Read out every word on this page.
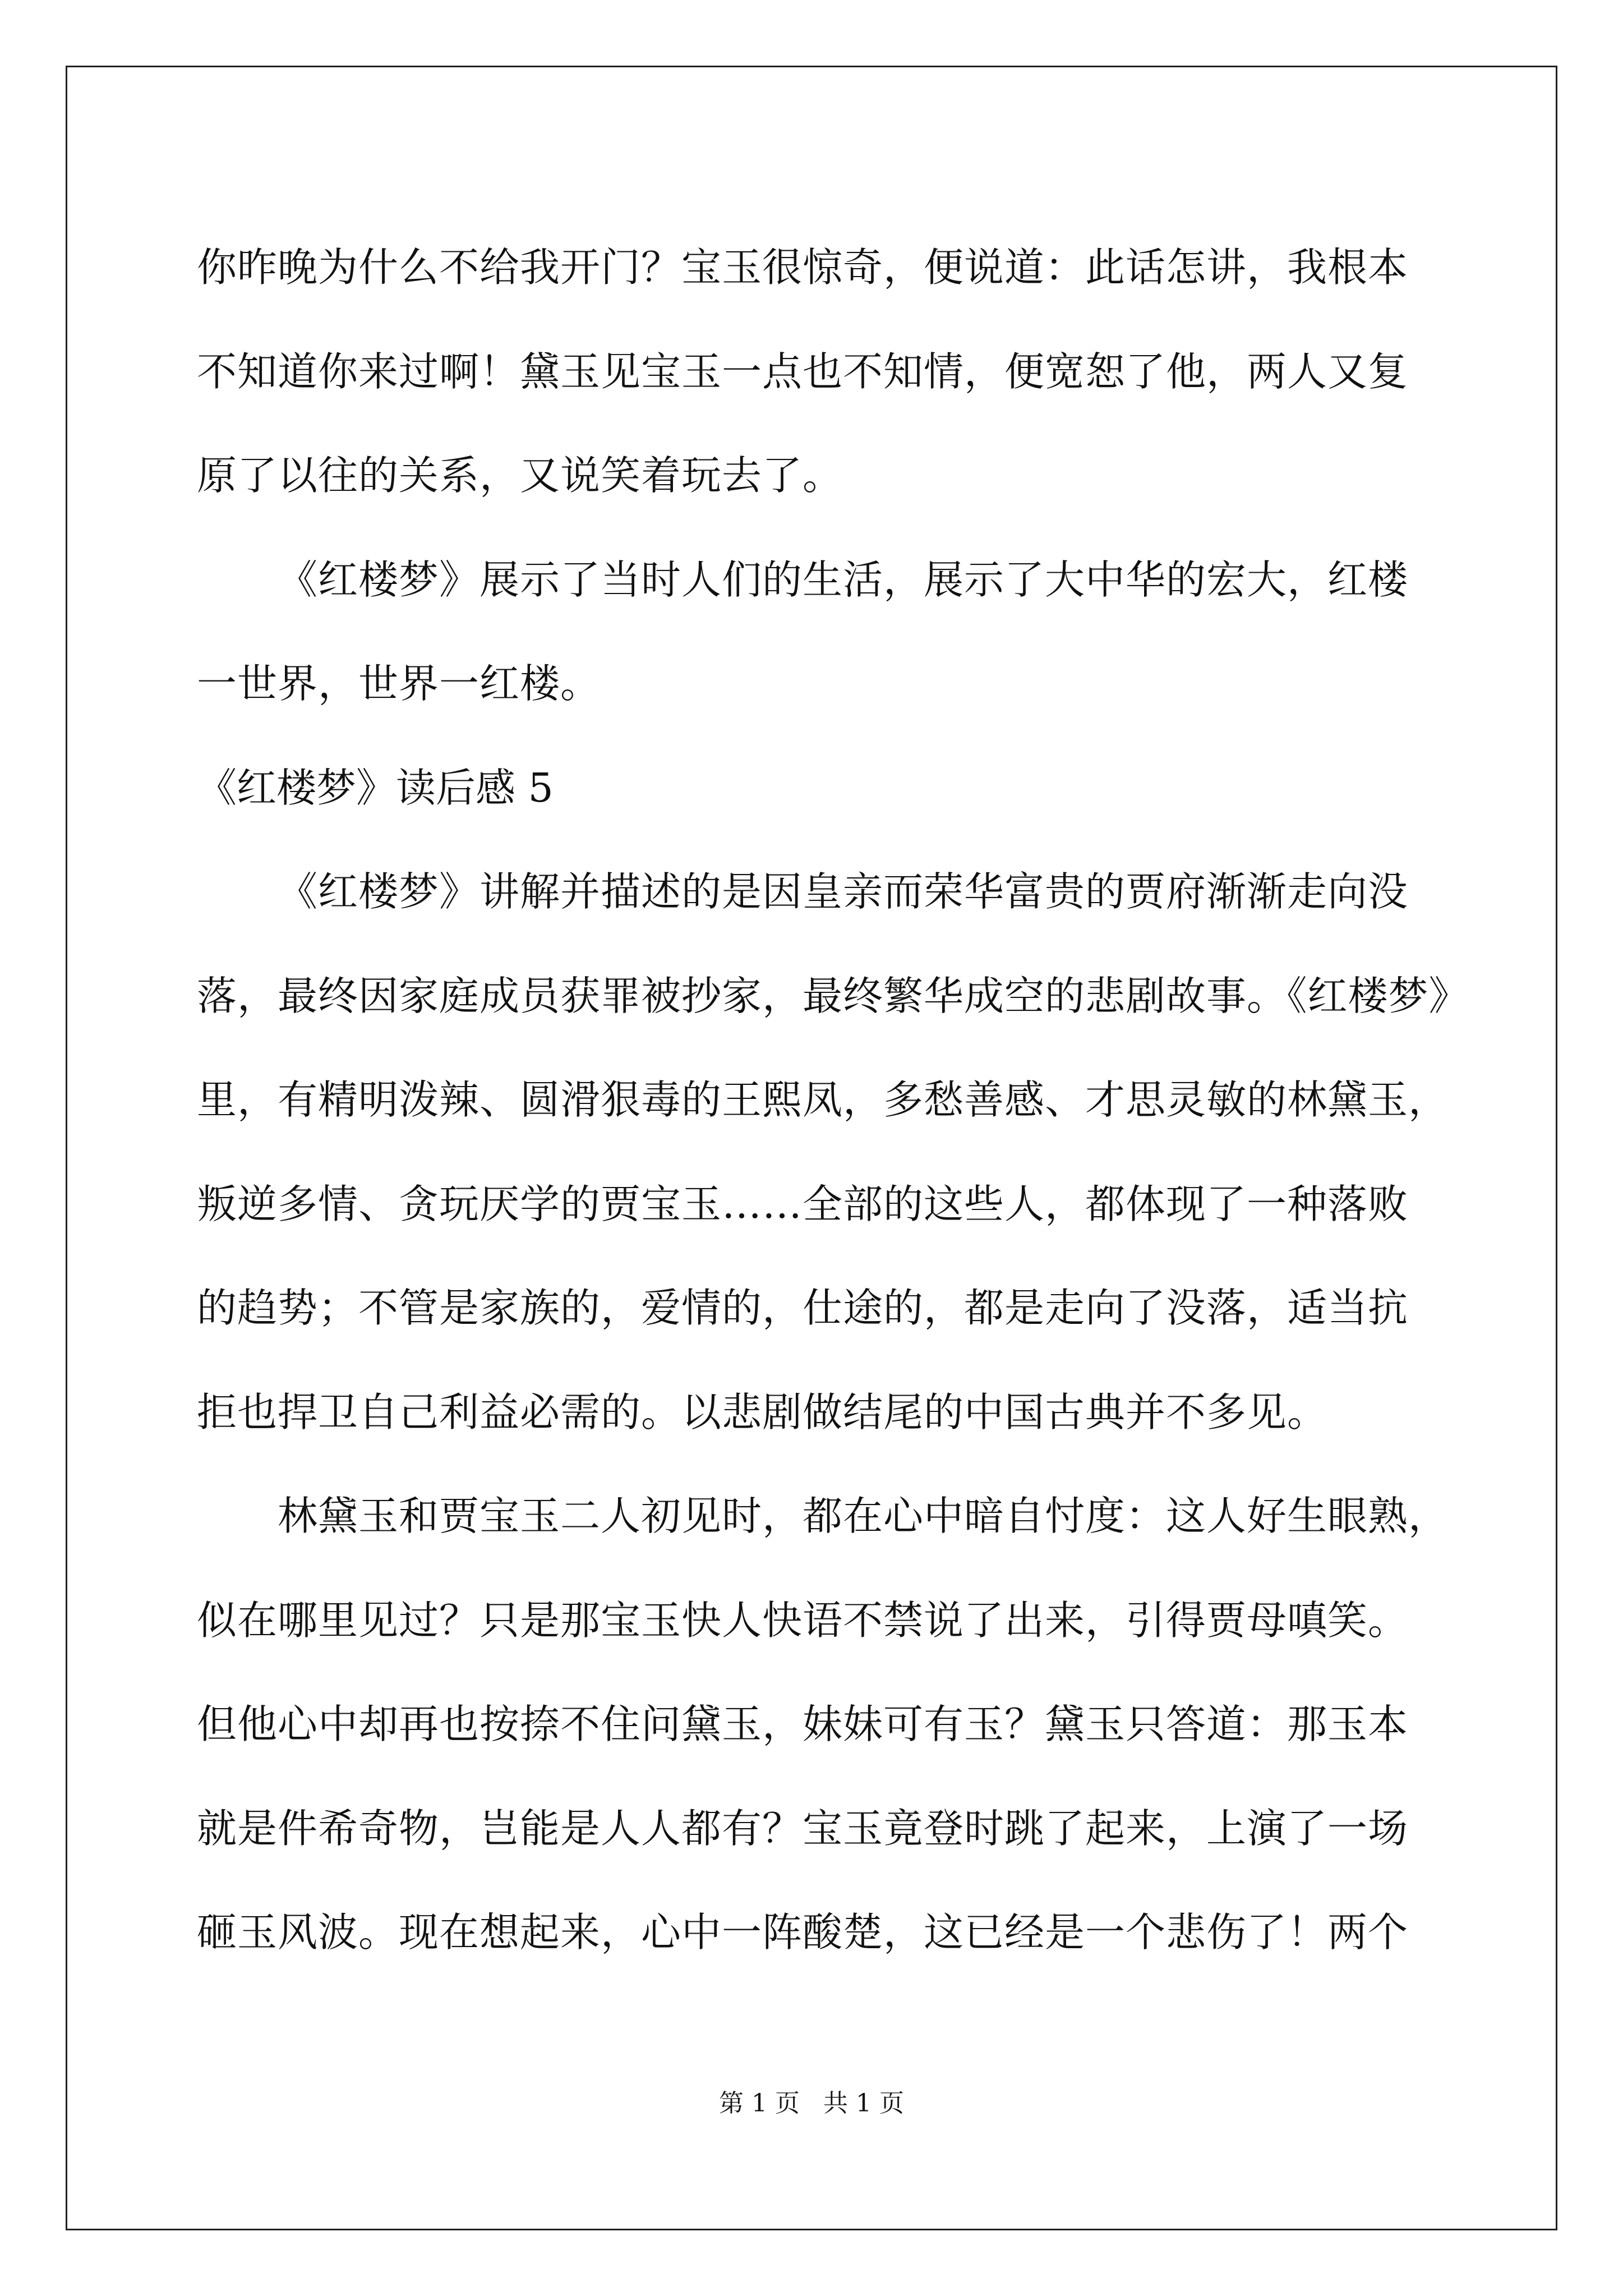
你昨晚为什么不给我开门？宝玉很惊奇，便说道：此话怎讲，我根本
不知道你来过啊！黛玉见宝玉一点也不知情，便宽恕了他，两人又复
原了以往的关系，又说笑着玩去了。
《红楼梦》展示了当时人们的生活，展示了大中华的宏大，红楼
一世界，世界一红楼。
《红楼梦》读后感 5
《红楼梦》讲解并描述的是因皇亲而荣华富贵的贾府渐渐走向没
落，最终因家庭成员获罪被抄家，最终繁华成空的悲剧故事。《红楼梦》
里，有精明泼辣、圆滑狠毒的王熙凤，多愁善感、才思灵敏的林黛玉，
叛逆多情、贪玩厌学的贾宝玉……全部的这些人，都体现了一种落败
的趋势；不管是家族的，爱情的，仕途的，都是走向了没落，适当抗
拒也捍卫自己利益必需的。以悲剧做结尾的中国古典并不多见。
林黛玉和贾宝玉二人初见时，都在心中暗自忖度：这人好生眼熟，
似在哪里见过？只是那宝玉快人快语不禁说了出来，引得贾母嗔笑。
但他心中却再也按捺不住问黛玉，妹妹可有玉？黛玉只答道：那玉本
就是件希奇物，岂能是人人都有？宝玉竟登时跳了起来，上演了一场
砸玉风波。现在想起来，心中一阵酸楚，这已经是一个悲伤了！两个
第 1 页 共 1 页
